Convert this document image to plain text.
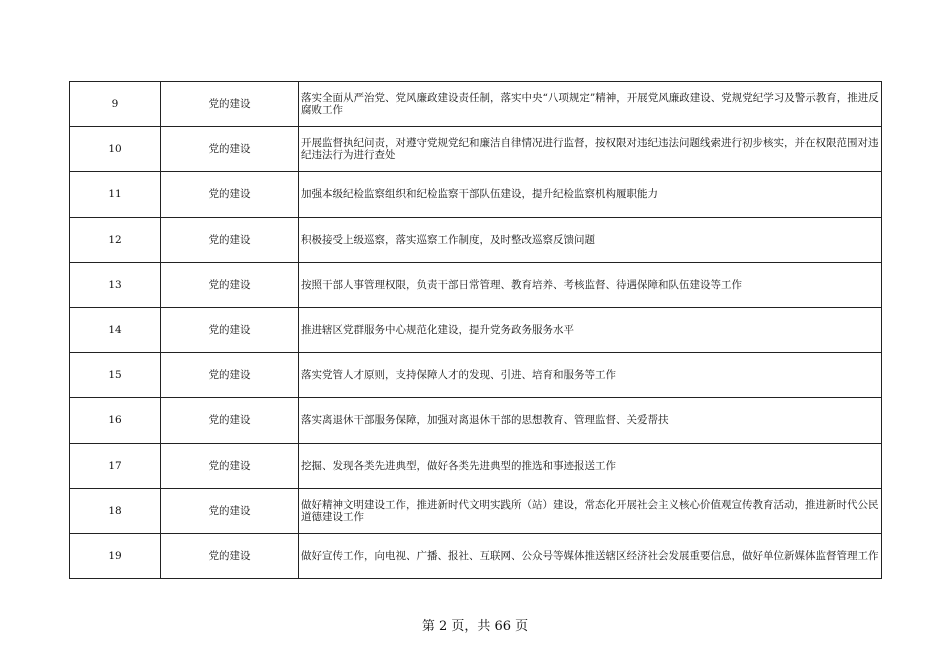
9	党的建设	落实全面从严治党、党风廉政建设责任制，落实中央“八项规定”精神，开展党风廉政建设、党规党纪学习及警示教育，推进反腐败工作
10	党的建设	开展监督执纪问责，对遵守党规党纪和廉洁自律情况进行监督，按权限对违纪违法问题线索进行初步核实，并在权限范围对违纪违法行为进行查处
11	党的建设	加强本级纪检监察组织和纪检监察干部队伍建设，提升纪检监察机构履职能力
12	党的建设	积极接受上级巡察，落实巡察工作制度，及时整改巡察反馈问题
13	党的建设	按照干部人事管理权限，负责干部日常管理、教育培养、考核监督、待遇保障和队伍建设等工作
14	党的建设	推进辖区党群服务中心规范化建设，提升党务政务服务水平
15	党的建设	落实党管人才原则，支持保障人才的发现、引进、培育和服务等工作
16	党的建设	落实离退休干部服务保障，加强对离退休干部的思想教育、管理监督、关爱帮扶
17	党的建设	挖掘、发现各类先进典型，做好各类先进典型的推选和事迹报送工作
18	党的建设	做好精神文明建设工作，推进新时代文明实践所（站）建设，常态化开展社会主义核心价值观宣传教育活动，推进新时代公民道德建设工作
19	党的建设	做好宣传工作，向电视、广播、报社、互联网、公众号等媒体推送辖区经济社会发展重要信息，做好单位新媒体监督管理工作
第 2 页，共 66 页
